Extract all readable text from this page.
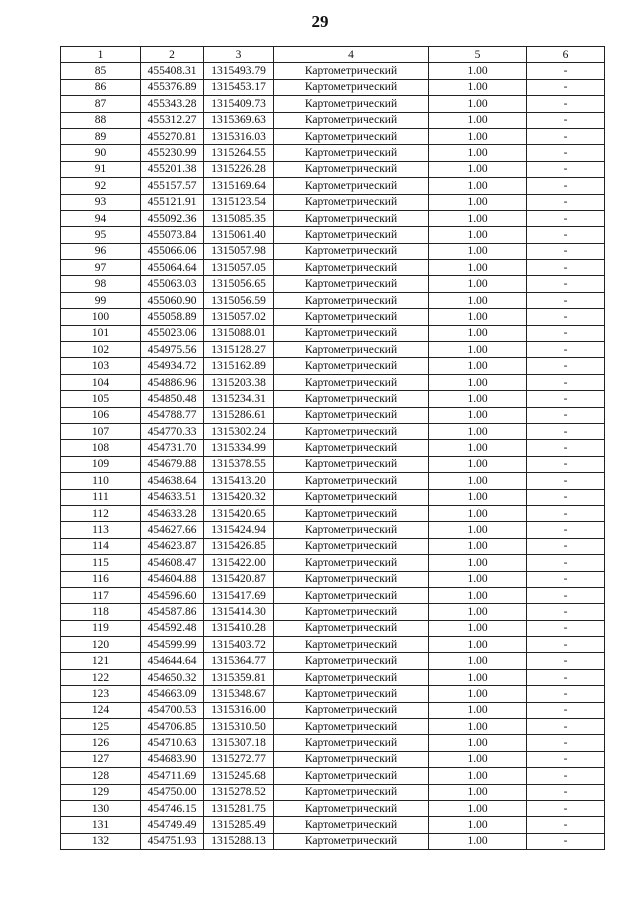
29
1	2	3	4	5	6
85	455408.31	1315493.79	Картометрический	1.00	-
86	455376.89	1315453.17	Картометрический	1.00	-
87	455343.28	1315409.73	Картометрический	1.00	-
88	455312.27	1315369.63	Картометрический	1.00	-
89	455270.81	1315316.03	Картометрический	1.00	-
90	455230.99	1315264.55	Картометрический	1.00	-
91	455201.38	1315226.28	Картометрический	1.00	-
92	455157.57	1315169.64	Картометрический	1.00	-
93	455121.91	1315123.54	Картометрический	1.00	-
94	455092.36	1315085.35	Картометрический	1.00	-
95	455073.84	1315061.40	Картометрический	1.00	-
96	455066.06	1315057.98	Картометрический	1.00	-
97	455064.64	1315057.05	Картометрический	1.00	-
98	455063.03	1315056.65	Картометрический	1.00	-
99	455060.90	1315056.59	Картометрический	1.00	-
100	455058.89	1315057.02	Картометрический	1.00	-
101	455023.06	1315088.01	Картометрический	1.00	-
102	454975.56	1315128.27	Картометрический	1.00	-
103	454934.72	1315162.89	Картометрический	1.00	-
104	454886.96	1315203.38	Картометрический	1.00	-
105	454850.48	1315234.31	Картометрический	1.00	-
106	454788.77	1315286.61	Картометрический	1.00	-
107	454770.33	1315302.24	Картометрический	1.00	-
108	454731.70	1315334.99	Картометрический	1.00	-
109	454679.88	1315378.55	Картометрический	1.00	-
110	454638.64	1315413.20	Картометрический	1.00	-
111	454633.51	1315420.32	Картометрический	1.00	-
112	454633.28	1315420.65	Картометрический	1.00	-
113	454627.66	1315424.94	Картометрический	1.00	-
114	454623.87	1315426.85	Картометрический	1.00	-
115	454608.47	1315422.00	Картометрический	1.00	-
116	454604.88	1315420.87	Картометрический	1.00	-
117	454596.60	1315417.69	Картометрический	1.00	-
118	454587.86	1315414.30	Картометрический	1.00	-
119	454592.48	1315410.28	Картометрический	1.00	-
120	454599.99	1315403.72	Картометрический	1.00	-
121	454644.64	1315364.77	Картометрический	1.00	-
122	454650.32	1315359.81	Картометрический	1.00	-
123	454663.09	1315348.67	Картометрический	1.00	-
124	454700.53	1315316.00	Картометрический	1.00	-
125	454706.85	1315310.50	Картометрический	1.00	-
126	454710.63	1315307.18	Картометрический	1.00	-
127	454683.90	1315272.77	Картометрический	1.00	-
128	454711.69	1315245.68	Картометрический	1.00	-
129	454750.00	1315278.52	Картометрический	1.00	-
130	454746.15	1315281.75	Картометрический	1.00	-
131	454749.49	1315285.49	Картометрический	1.00	-
132	454751.93	1315288.13	Картометрический	1.00	-
